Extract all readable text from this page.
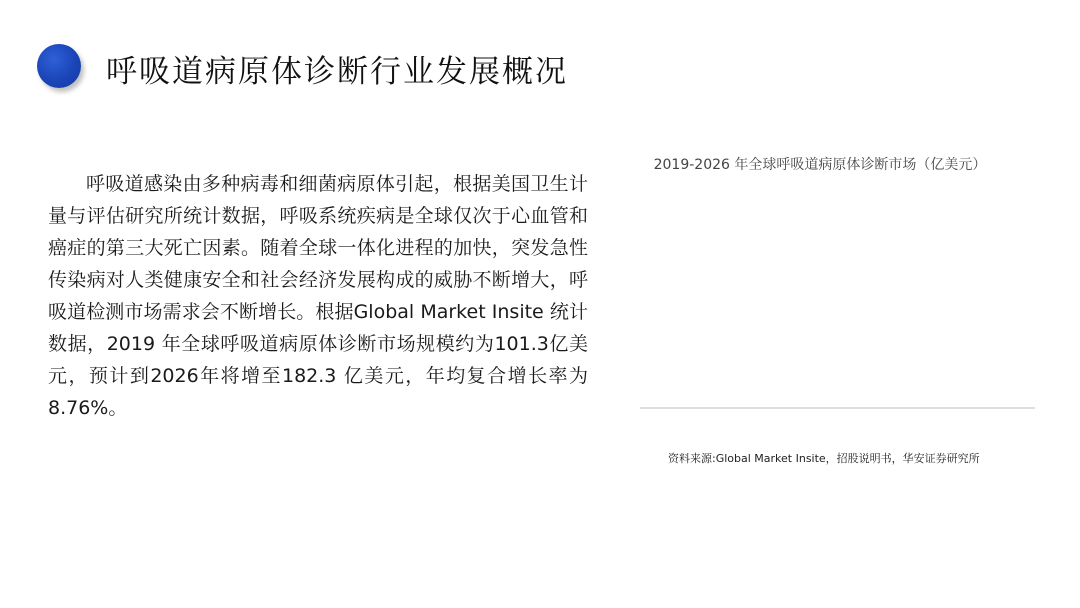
呼吸道病原体诊断行业发展概况

呼吸道感染由多种病毒和细菌病原体引起，根据美国卫生计量与评估研究所统计数据，呼吸系统疾病是全球仅次于心血管和癌症的第三大死亡因素。随着全球一体化进程的加快，突发急性传染病对人类健康安全和社会经济发展构成的威胁不断增大，呼吸道检测市场需求会不断增长。根据Global Market Insite 统计数据，2019 年全球呼吸道病原体诊断市场规模约为101.3亿美元，预计到2026年将增至182.3 亿美元，年均复合增长率为 8.76%。

2019-2026 年全球呼吸道病原体诊断市场（亿美元）
资料来源:Global Market Insite，招股说明书，华安证券研究所
